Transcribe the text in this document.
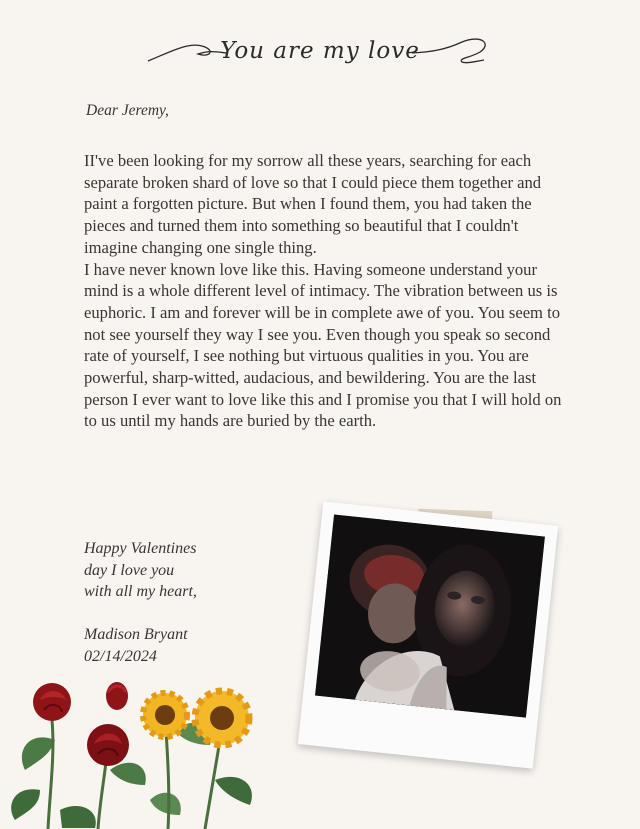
You are my love
Dear Jeremy,
II've been looking for my sorrow all these years, searching for each separate broken shard of love so that I could piece them together and paint a forgotten picture. But when I found them, you had taken the pieces and turned them into something so beautiful that I couldn't imagine changing one single thing.
I have never known love like this. Having someone understand your mind is a whole different level of intimacy. The vibration between us is euphoric. I am and forever will be in complete awe of you. You seem to not see yourself they way I see you. Even though you speak so second rate of yourself, I see nothing but virtuous qualities in you. You are powerful, sharp-witted, audacious, and bewildering. You are the last person I ever want to love like this and I promise you that I will hold on to us until my hands are buried by the earth.
Happy Valentines
day I love you
with all my heart,
Madison Bryant
02/14/2024
